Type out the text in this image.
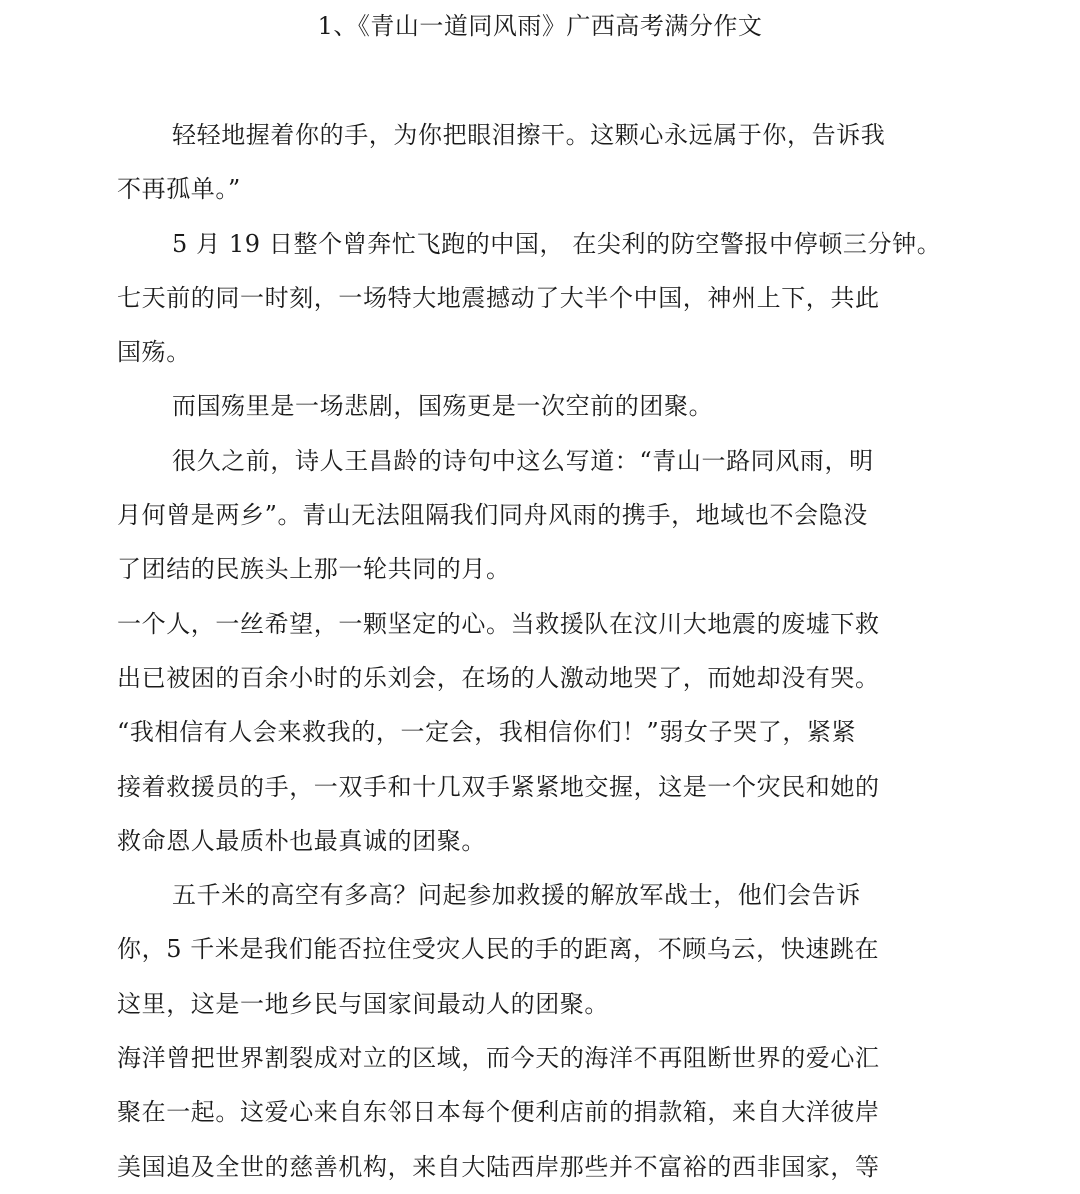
1、《青山一道同风雨》广西高考满分作文
轻轻地握着你的手，为你把眼泪擦干。这颗心永远属于你，告诉我
不再孤单。”
5 月 19 日整个曾奔忙飞跑的中国， 在尖利的防空警报中停顿三分钟。
七天前的同一时刻，一场特大地震撼动了大半个中国，神州上下，共此
国殇。
而国殇里是一场悲剧，国殇更是一次空前的团聚。
很久之前，诗人王昌龄的诗句中这么写道：“青山一路同风雨，明
月何曾是两乡”。青山无法阻隔我们同舟风雨的携手，地域也不会隐没
了团结的民族头上那一轮共同的月。
一个人，一丝希望，一颗坚定的心。当救援队在汶川大地震的废墟下救
出已被困的百余小时的乐刘会，在场的人激动地哭了，而她却没有哭。
“我相信有人会来救我的，一定会，我相信你们！”弱女子哭了，紧紧
接着救援员的手，一双手和十几双手紧紧地交握，这是一个灾民和她的
救命恩人最质朴也最真诚的团聚。
五千米的高空有多高？问起参加救援的解放军战士，他们会告诉
你，5 千米是我们能否拉住受灾人民的手的距离，不顾乌云，快速跳在
这里，这是一地乡民与国家间最动人的团聚。
海洋曾把世界割裂成对立的区域，而今天的海洋不再阻断世界的爱心汇
聚在一起。这爱心来自东邻日本每个便利店前的捐款箱，来自大洋彼岸
美国追及全世的慈善机构，来自大陆西岸那些并不富裕的西非国家，等
